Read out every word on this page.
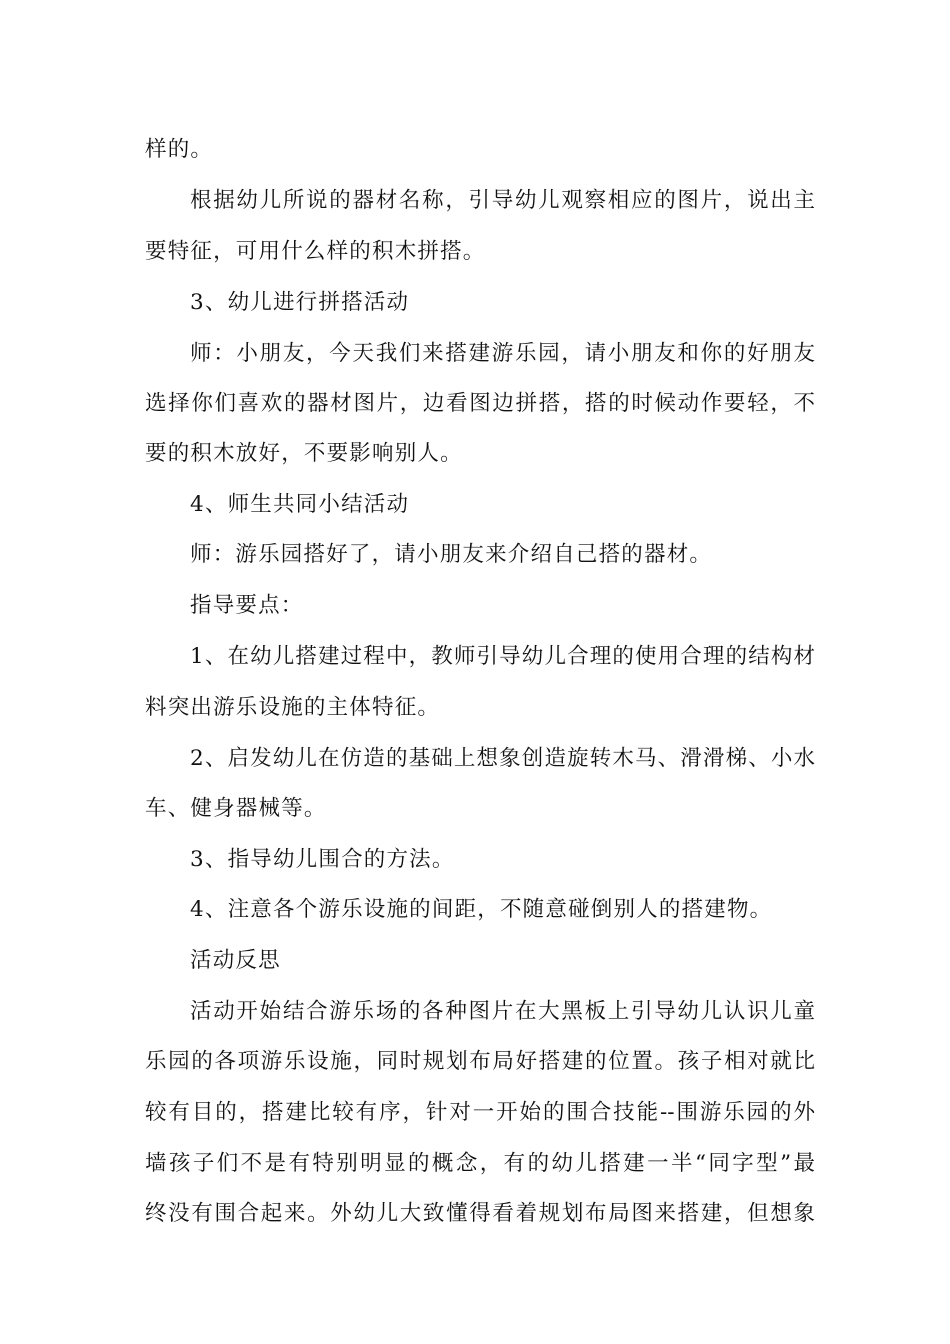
样的。
根据幼儿所说的器材名称，引导幼儿观察相应的图片，说出主
要特征，可用什么样的积木拼搭。
3、幼儿进行拼搭活动
师：小朋友，今天我们来搭建游乐园，请小朋友和你的好朋友
选择你们喜欢的器材图片，边看图边拼搭，搭的时候动作要轻，不
要的积木放好，不要影响别人。
4、师生共同小结活动
师：游乐园搭好了，请小朋友来介绍自己搭的器材。
指导要点：
1、在幼儿搭建过程中，教师引导幼儿合理的使用合理的结构材
料突出游乐设施的主体特征。
2、启发幼儿在仿造的基础上想象创造旋转木马、滑滑梯、小水
车、健身器械等。
3、指导幼儿围合的方法。
4、注意各个游乐设施的间距，不随意碰倒别人的搭建物。
活动反思
活动开始结合游乐场的各种图片在大黑板上引导幼儿认识儿童
乐园的各项游乐设施，同时规划布局好搭建的位置。孩子相对就比
较有目的，搭建比较有序，针对一开始的围合技能--围游乐园的外
墙孩子们不是有特别明显的概念，有的幼儿搭建一半“同字型”最
终没有围合起来。外幼儿大致懂得看着规划布局图来搭建，但想象
